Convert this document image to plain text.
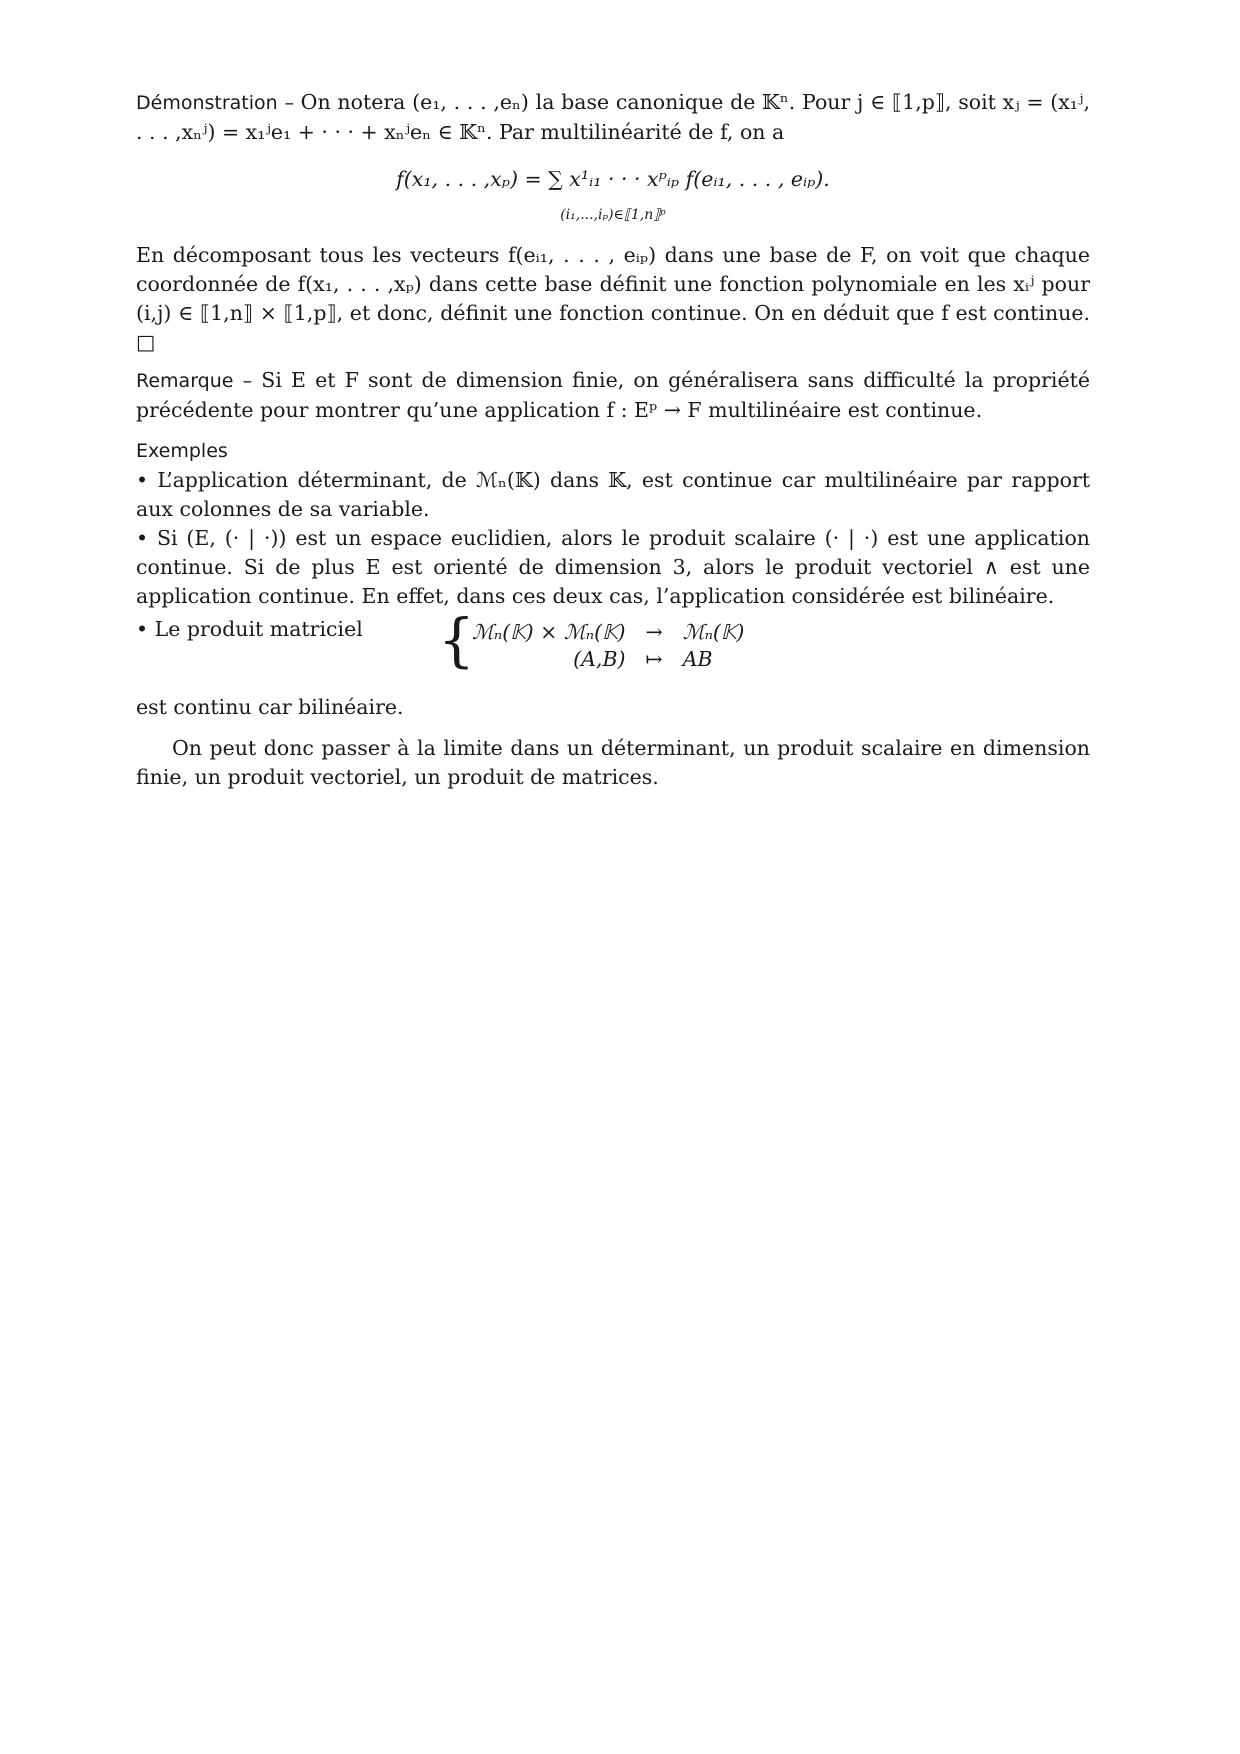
Démonstration – On notera (e₁, . . . ,eₙ) la base canonique de 𝕂ⁿ. Pour j ∈ ⟦1,p⟧, soit xⱼ = (x₁ʲ, . . . ,xₙʲ) = x₁ʲe₁ + · · · + xₙʲeₙ ∈ 𝕂ⁿ. Par multilinéarité de f, on a

f(x₁, . . . ,xₚ) = ∑ x¹ᵢ₁ · · · xᵖᵢₚ f(eᵢ₁, . . . , eᵢₚ).
(i₁,...,iₚ)∈⟦1,n⟧ᵖ

En décomposant tous les vecteurs f(eᵢ₁, . . . , eᵢₚ) dans une base de F, on voit que chaque coordonnée de f(x₁, . . . ,xₚ) dans cette base définit une fonction polynomiale en les xᵢʲ pour (i,j) ∈ ⟦1,n⟧ × ⟦1,p⟧, et donc, définit une fonction continue. On en déduit que f est continue. □

Remarque – Si E et F sont de dimension finie, on généralisera sans difficulté la propriété précédente pour montrer qu’une application f : Eᵖ → F multilinéaire est continue.

Exemples

• L’application déterminant, de ℳₙ(𝕂) dans 𝕂, est continue car multilinéaire par rapport aux colonnes de sa variable.

• Si (E, (· | ·)) est un espace euclidien, alors le produit scalaire (· | ·) est une application continue. Si de plus E est orienté de dimension 3, alors le produit vectoriel ∧ est une application continue. En effet, dans ces deux cas, l’application considérée est bilinéaire.

• Le produit matriciel {
ℳₙ(𝕂) × ℳₙ(𝕂)	→	ℳₙ(𝕂)
(A,B)	↦	AB

est continu car bilinéaire.

On peut donc passer à la limite dans un déterminant, un produit scalaire en dimension finie, un produit vectoriel, un produit de matrices.
